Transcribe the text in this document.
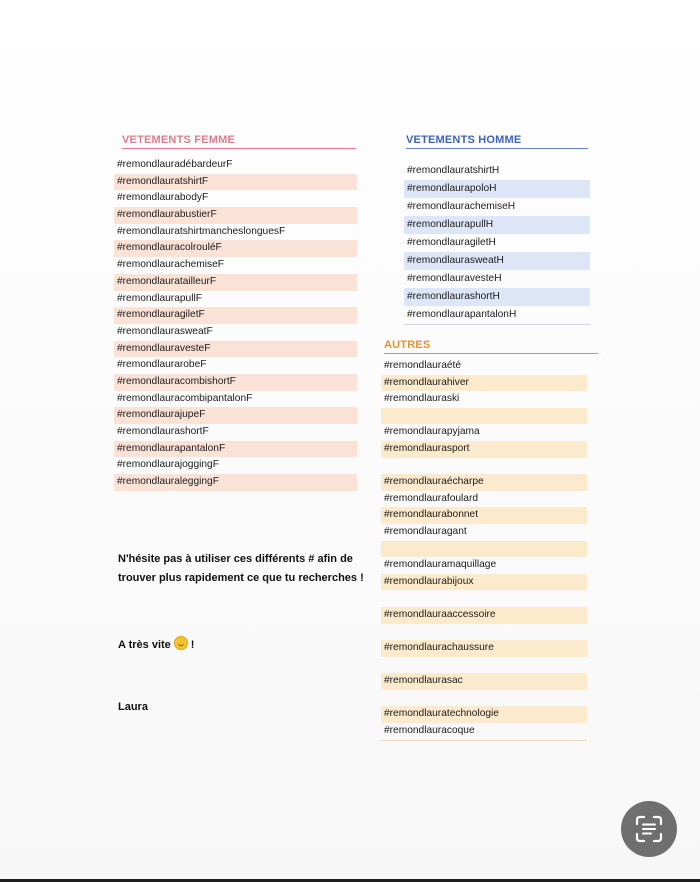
VETEMENTS FEMME
#remondlauradébardeurF
#remondlauratshirtF
#remondlaurabodyF
#remondlaurabustierF
#remondlauratshirtmancheslonguesF
#remondlauracolrouléF
#remondlaurachemiseF
#remondlauratailleurF
#remondlaurapullF
#remondlauragiletF
#remondlaurasweatF
#remondlauravesteF
#remondlaurarobeF
#remondlauracombishortF
#remondlauracombipantalonF
#remondlaurajupeF
#remondlaurashortF
#remondlaurapantalonF
#remondlaurajoggingF
#remondlauraleggingF
VETEMENTS HOMME
#remondlauratshirtH
#remondlaurapoloH
#remondlaurachemiseH
#remondlaurapullH
#remondlauragiletH
#remondlaurasweatH
#remondlauravesteH
#remondlaurashortH
#remondlaurapantalonH
AUTRES
#remondlauraété
#remondlaurahiver
#remondlauraski
#remondlaurapyjama
#remondlaurasport
#remondlauraécharpe
#remondlaurafoulard
#remondlaurabonnet
#remondlauragant
#remondlauramaquillage
#remondlaurabijoux
#remondlauraaccessoire
#remondlaurachaussure
#remondlaurasac
#remondlauratechnologie
#remondlauracoque
N'hésite pas à utiliser ces différents # afin de trouver plus rapidement ce que tu recherches !
A très vite !
Laura
